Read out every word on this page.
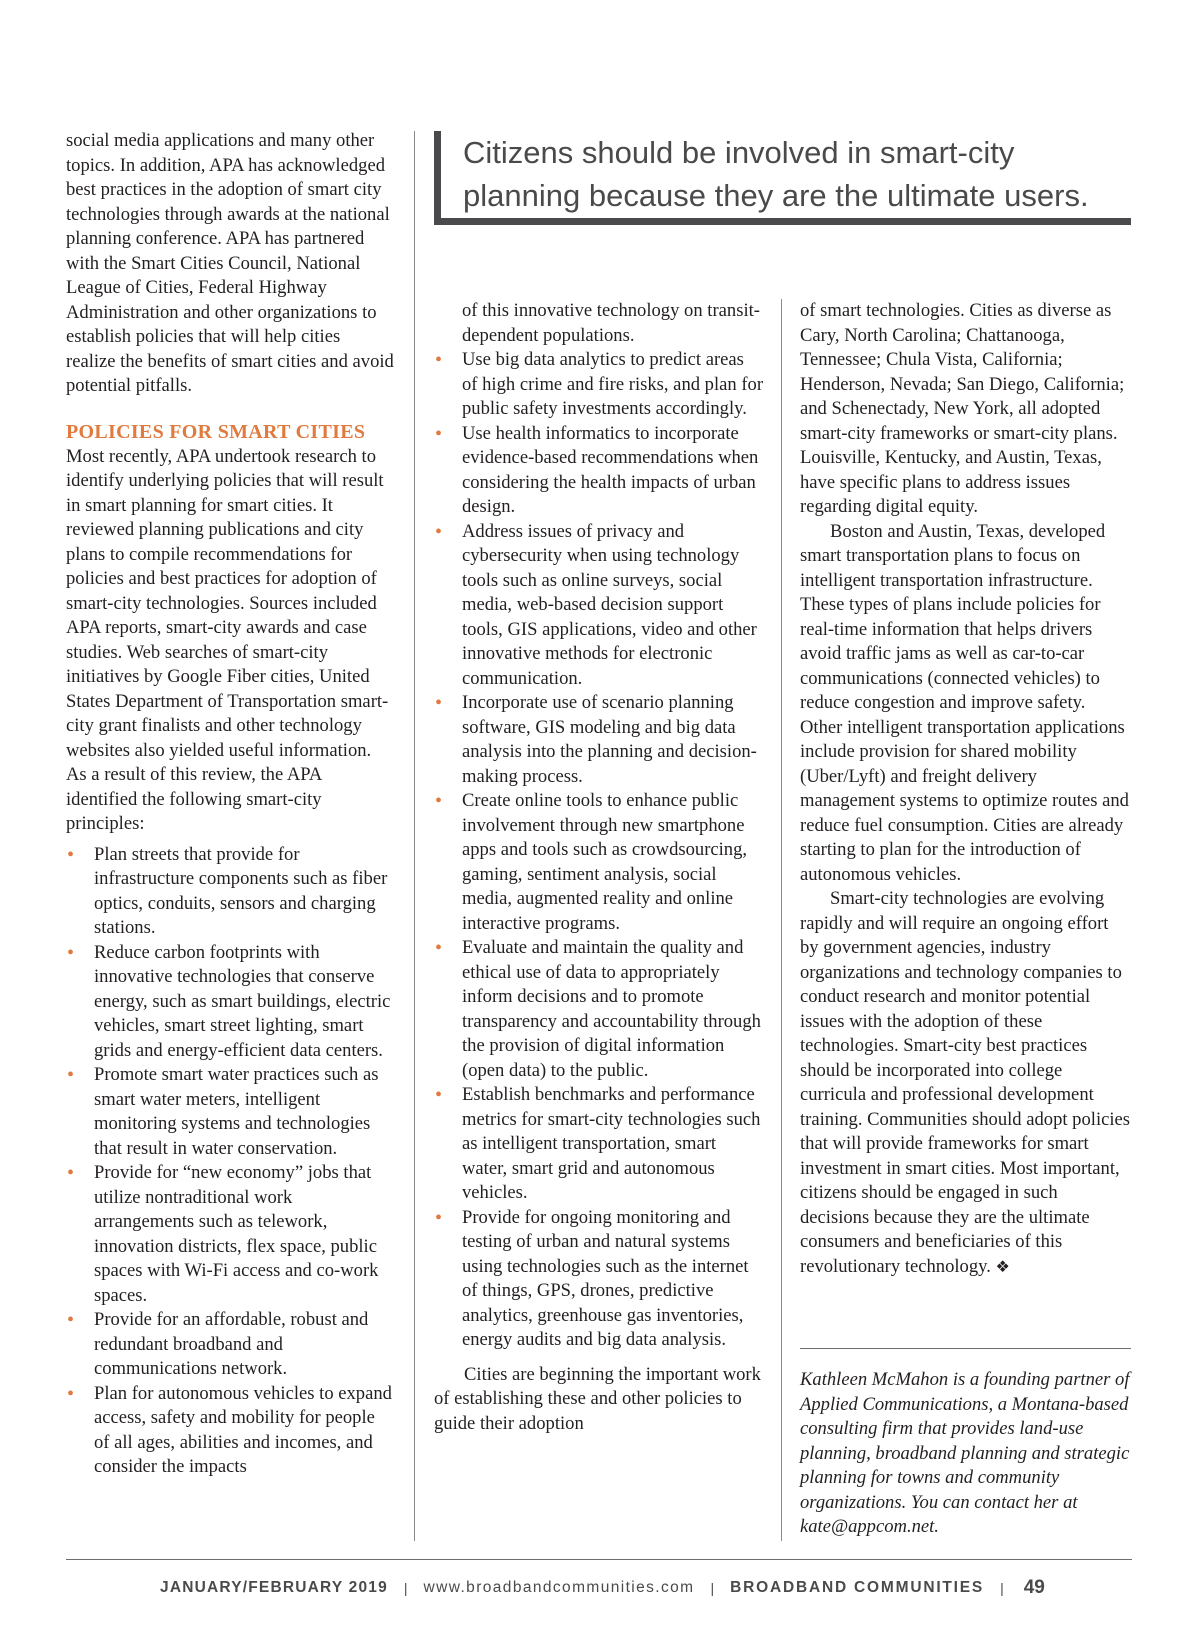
social media applications and many other topics. In addition, APA has acknowledged best practices in the adoption of smart city technologies through awards at the national planning conference. APA has partnered with the Smart Cities Council, National League of Cities, Federal Highway Administration and other organizations to establish policies that will help cities realize the benefits of smart cities and avoid potential pitfalls.

POLICIES FOR SMART CITIES

Most recently, APA undertook research to identify underlying policies that will result in smart planning for smart cities. It reviewed planning publications and city plans to compile recommendations for policies and best practices for adoption of smart-city technologies. Sources included APA reports, smart-city awards and case studies. Web searches of smart-city initiatives by Google Fiber cities, United States Department of Transportation smart-city grant finalists and other technology websites also yielded useful information. As a result of this review, the APA identified the following smart-city principles:

• Plan streets that provide for infrastructure components such as fiber optics, conduits, sensors and charging stations.
• Reduce carbon footprints with innovative technologies that conserve energy, such as smart buildings, electric vehicles, smart street lighting, smart grids and energy-efficient data centers.
• Promote smart water practices such as smart water meters, intelligent monitoring systems and technologies that result in water conservation.
• Provide for “new economy” jobs that utilize nontraditional work arrangements such as telework, innovation districts, flex space, public spaces with Wi-Fi access and co-work spaces.
• Provide for an affordable, robust and redundant broadband and communications network.
• Plan for autonomous vehicles to expand access, safety and mobility for people of all ages, abilities and incomes, and consider the impacts
Citizens should be involved in smart-city planning because they are the ultimate users.

of this innovative technology on transit-dependent populations.

• Use big data analytics to predict areas of high crime and fire risks, and plan for public safety investments accordingly.
• Use health informatics to incorporate evidence-based recommendations when considering the health impacts of urban design.
• Address issues of privacy and cybersecurity when using technology tools such as online surveys, social media, web-based decision support tools, GIS applications, video and other innovative methods for electronic communication.
• Incorporate use of scenario planning software, GIS modeling and big data analysis into the planning and decision-making process.
• Create online tools to enhance public involvement through new smartphone apps and tools such as crowdsourcing, gaming, sentiment analysis, social media, augmented reality and online interactive programs.
• Evaluate and maintain the quality and ethical use of data to appropriately inform decisions and to promote transparency and accountability through the provision of digital information (open data) to the public.
• Establish benchmarks and performance metrics for smart-city technologies such as intelligent transportation, smart water, smart grid and autonomous vehicles.
• Provide for ongoing monitoring and testing of urban and natural systems using technologies such as the internet of things, GPS, drones, predictive analytics, greenhouse gas inventories, energy audits and big data analysis.

Cities are beginning the important work of establishing these and other policies to guide their adoption

of smart technologies. Cities as diverse as Cary, North Carolina; Chattanooga, Tennessee; Chula Vista, California; Henderson, Nevada; San Diego, California; and Schenectady, New York, all adopted smart-city frameworks or smart-city plans. Louisville, Kentucky, and Austin, Texas, have specific plans to address issues regarding digital equity.

Boston and Austin, Texas, developed smart transportation plans to focus on intelligent transportation infrastructure. These types of plans include policies for real-time information that helps drivers avoid traffic jams as well as car-to-car communications (connected vehicles) to reduce congestion and improve safety. Other intelligent transportation applications include provision for shared mobility (Uber/Lyft) and freight delivery management systems to optimize routes and reduce fuel consumption. Cities are already starting to plan for the introduction of autonomous vehicles.

Smart-city technologies are evolving rapidly and will require an ongoing effort by government agencies, industry organizations and technology companies to conduct research and monitor potential issues with the adoption of these technologies. Smart-city best practices should be incorporated into college curricula and professional development training. Communities should adopt policies that will provide frameworks for smart investment in smart cities. Most important, citizens should be engaged in such decisions because they are the ultimate consumers and beneficiaries of this revolutionary technology. ❖

Kathleen McMahon is a founding partner of Applied Communications, a Montana-based consulting firm that provides land-use planning, broadband planning and strategic planning for towns and community organizations. You can contact her at kate@appcom.net.
JANUARY/FEBRUARY 2019 | www.broadbandcommunities.com | BROADBAND COMMUNITIES | 49
